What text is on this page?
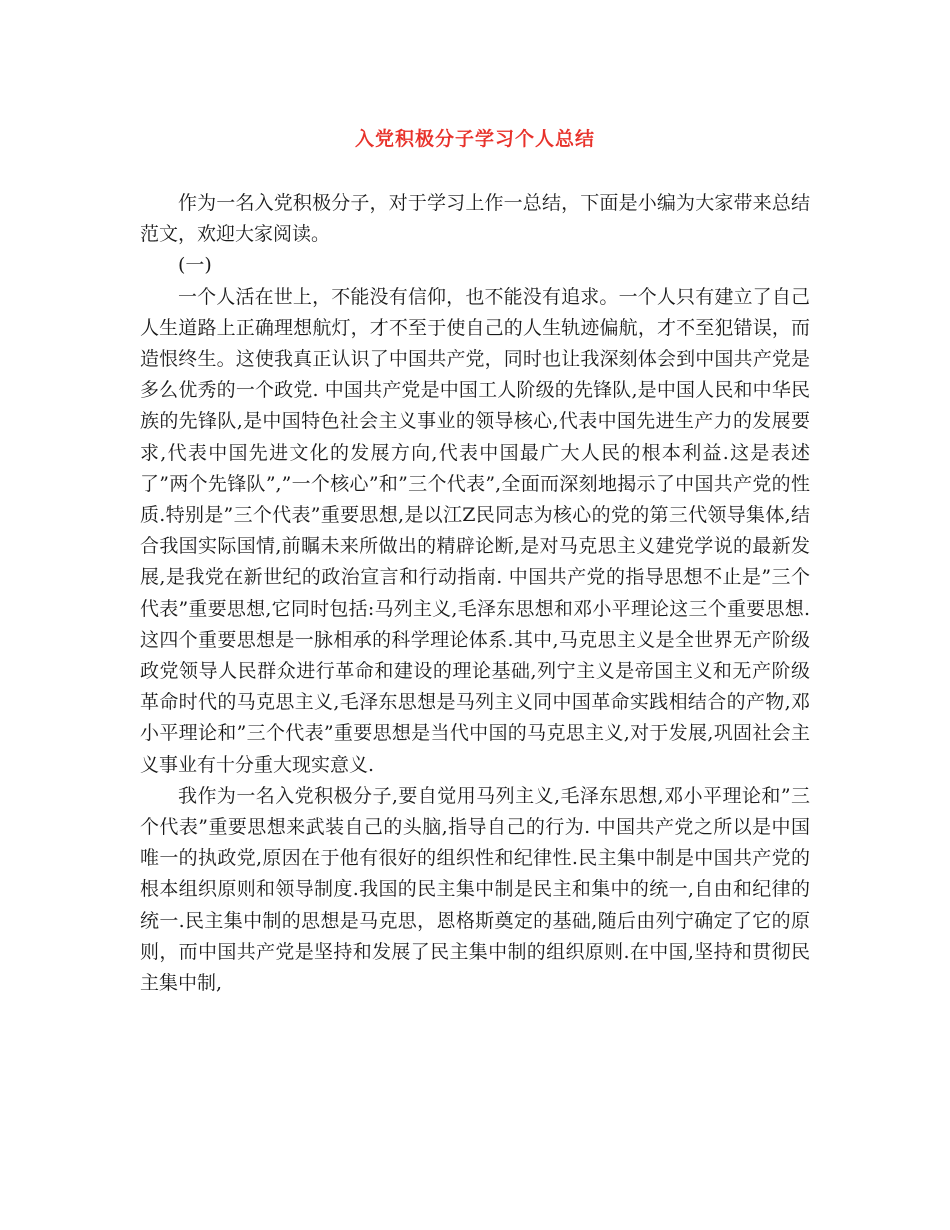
入党积极分子学习个人总结

作为一名入党积极分子，对于学习上作一总结，下面是小编为大家带来总结范文，欢迎大家阅读。

(一)

一个人活在世上，不能没有信仰，也不能没有追求。一个人只有建立了自己人生道路上正确理想航灯，才不至于使自己的人生轨迹偏航，才不至犯错误，而造恨终生。这使我真正认识了中国共产党，同时也让我深刻体会到中国共产党是多么优秀的一个政党. 中国共产党是中国工人阶级的先锋队,是中国人民和中华民族的先锋队,是中国特色社会主义事业的领导核心,代表中国先进生产力的发展要求,代表中国先进文化的发展方向,代表中国最广大人民的根本利益.这是表述了”两个先锋队”,”一个核心”和”三个代表”,全面而深刻地揭示了中国共产党的性质.特别是”三个代表”重要思想,是以江Z民同志为核心的党的第三代领导集体,结合我国实际国情,前瞩未来所做出的精辟论断,是对马克思主义建党学说的最新发展,是我党在新世纪的政治宣言和行动指南. 中国共产党的指导思想不止是”三个代表”重要思想,它同时包括:马列主义,毛泽东思想和邓小平理论这三个重要思想.这四个重要思想是一脉相承的科学理论体系.其中,马克思主义是全世界无产阶级政党领导人民群众进行革命和建设的理论基础,列宁主义是帝国主义和无产阶级革命时代的马克思主义,毛泽东思想是马列主义同中国革命实践相结合的产物,邓小平理论和”三个代表”重要思想是当代中国的马克思主义,对于发展,巩固社会主义事业有十分重大现实意义.

我作为一名入党积极分子,要自觉用马列主义,毛泽东思想,邓小平理论和”三个代表”重要思想来武装自己的头脑,指导自己的行为. 中国共产党之所以是中国唯一的执政党,原因在于他有很好的组织性和纪律性.民主集中制是中国共产党的根本组织原则和领导制度.我国的民主集中制是民主和集中的统一,自由和纪律的统一.民主集中制的思想是马克思，恩格斯奠定的基础,随后由列宁确定了它的原则，而中国共产党是坚持和发展了民主集中制的组织原则.在中国,坚持和贯彻民主集中制,
